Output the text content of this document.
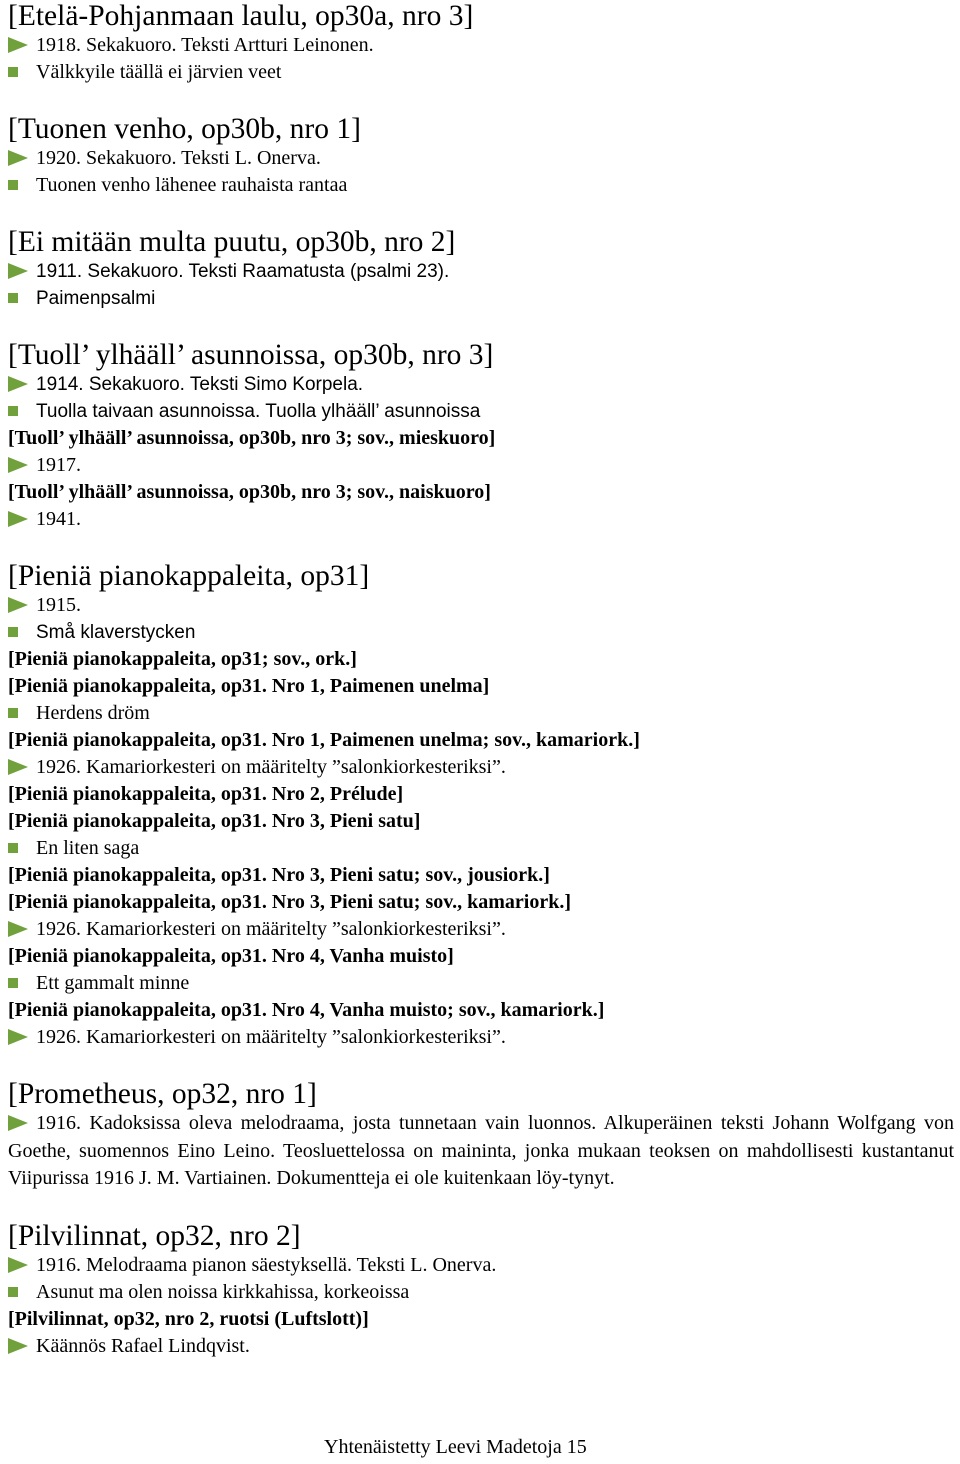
[Etelä-Pohjanmaan laulu, op30a, nro 3]
1918. Sekakuoro. Teksti Artturi Leinonen.
Välkkyile täällä ei järvien veet
[Tuonen venho, op30b, nro 1]
1920. Sekakuoro. Teksti L. Onerva.
Tuonen venho lähenee rauhaista rantaa
[Ei mitään multa puutu, op30b, nro 2]
1911. Sekakuoro. Teksti Raamatusta (psalmi 23).
Paimenpsalmi
[Tuoll’ ylhääll’ asunnoissa, op30b, nro 3]
1914. Sekakuoro. Teksti Simo Korpela.
Tuolla taivaan asunnoissa. Tuolla ylhääll’ asunnoissa
[Tuoll’ ylhääll’ asunnoissa, op30b, nro 3; sov., mieskuoro]
1917.
[Tuoll’ ylhääll’ asunnoissa, op30b, nro 3; sov., naiskuoro]
1941.
[Pieniä pianokappaleita, op31]
1915.
Små klaverstycken
[Pieniä pianokappaleita, op31; sov., ork.]
[Pieniä pianokappaleita, op31. Nro 1, Paimenen unelma]
Herdens dröm
[Pieniä pianokappaleita, op31. Nro 1, Paimenen unelma; sov., kamariork.]
1926. Kamariorkesteri on määritelty ”salonkiorkesteriksi”.
[Pieniä pianokappaleita, op31. Nro 2, Prélude]
[Pieniä pianokappaleita, op31. Nro 3, Pieni satu]
En liten saga
[Pieniä pianokappaleita, op31. Nro 3, Pieni satu; sov., jousiork.]
[Pieniä pianokappaleita, op31. Nro 3, Pieni satu; sov., kamariork.]
1926. Kamariorkesteri on määritelty ”salonkiorkesteriksi”.
[Pieniä pianokappaleita, op31. Nro 4, Vanha muisto]
Ett gammalt minne
[Pieniä pianokappaleita, op31. Nro 4, Vanha muisto; sov., kamariork.]
1926. Kamariorkesteri on määritelty ”salonkiorkesteriksi”.
[Prometheus, op32, nro 1]
1916. Kadoksissa oleva melodraama, josta tunnetaan vain luonnos. Alkuperäinen teksti Johann Wolfgang von Goethe, suomennos Eino Leino. Teosluettelossa on maininta, jonka mukaan teoksen on mahdollisesti kustantanut Viipurissa 1916 J. M. Vartiainen. Dokumentteja ei ole kuitenkaan löy-tynyt.
[Pilvilinnat, op32, nro 2]
1916. Melodraama pianon säestyksellä. Teksti L. Onerva.
Asunut ma olen noissa kirkkahissa, korkeoissa
[Pilvilinnat, op32, nro 2, ruotsi (Luftslott)]
Käännös Rafael Lindqvist.
Yhtenäistetty Leevi Madetoja 15
